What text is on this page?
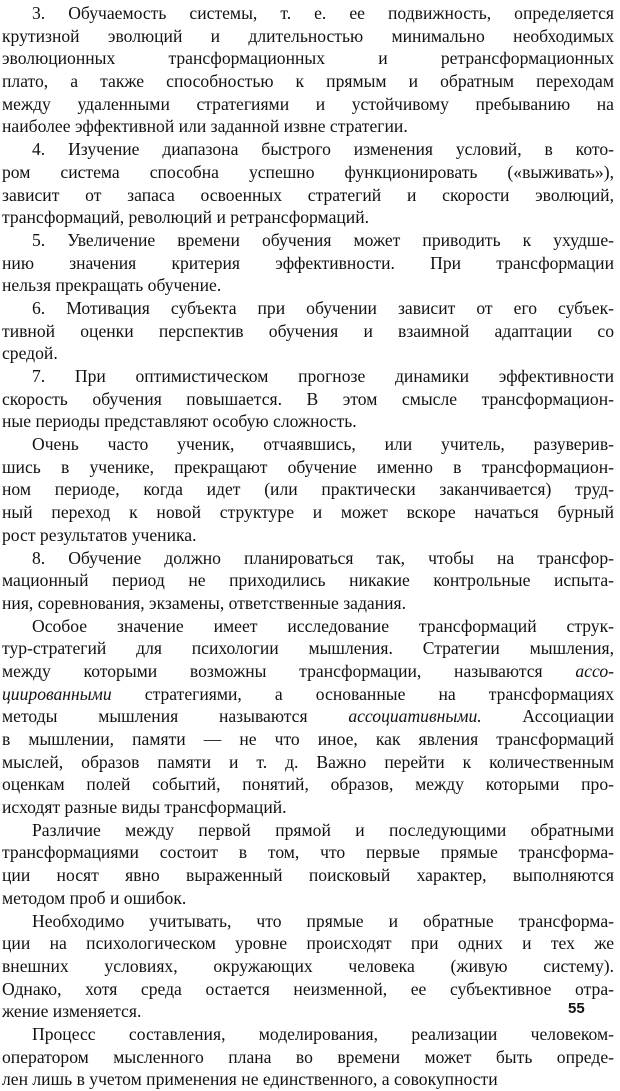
3. Обучаемость системы, т. е. ее подвижность, определяется
крутизной эволюций и длительностью минимально необходимых
эволюционных трансформационных и ретрансформационных
плато, а также способностью к прямым и обратным переходам
между удаленными стратегиями и устойчивому пребыванию на
наиболее эффективной или заданной извне стратегии.

4. Изучение диапазона быстрого изменения условий, в кото-
ром система способна успешно функционировать («выживать»),
зависит от запаса освоенных стратегий и скорости эволюций,
трансформаций, революций и ретрансформаций.

5. Увеличение времени обучения может приводить к ухудше-
нию значения критерия эффективности. При трансформации
нельзя прекращать обучение.

6. Мотивация субъекта при обучении зависит от его субъек-
тивной оценки перспектив обучения и взаимной адаптации со
средой.

7. При оптимистическом прогнозе динамики эффективности
скорость обучения повышается. В этом смысле трансформацион-
ные периоды представляют особую сложность.

Очень часто ученик, отчаявшись, или учитель, разуверив-
шись в ученике, прекращают обучение именно в трансформацион-
ном периоде, когда идет (или практически заканчивается) труд-
ный переход к новой структуре и может вскоре начаться бурный
рост результатов ученика.

8. Обучение должно планироваться так, чтобы на трансфор-
мационный период не приходились никакие контрольные испыта-
ния, соревнования, экзамены, ответственные задания.

Особое значение имеет исследование трансформаций струк-
тур-стратегий для психологии мышления. Стратегии мышления,
между которыми возможны трансформации, называются ассо-
циированными стратегиями, а основанные на трансформациях
методы мышления называются ассоциативными. Ассоциации
в мышлении, памяти — не что иное, как явления трансформаций
мыслей, образов памяти и т. д. Важно перейти к количественным
оценкам полей событий, понятий, образов, между которыми про-
исходят разные виды трансформаций.

Различие между первой прямой и последующими обратными
трансформациями состоит в том, что первые прямые трансформа-
ции носят явно выраженный поисковый характер, выполняются
методом проб и ошибок.

Необходимо учитывать, что прямые и обратные трансформа-
ции на психологическом уровне происходят при одних и тех же
внешних условиях, окружающих человека (живую систему).
Однако, хотя среда остается неизменной, ее субъективное отра-
жение изменяется.

Процесс составления, моделирования, реализации человеком-
оператором мысленного плана во времени может быть опреде-
лен лишь в учетом применения не единственного, а совокупности

55
